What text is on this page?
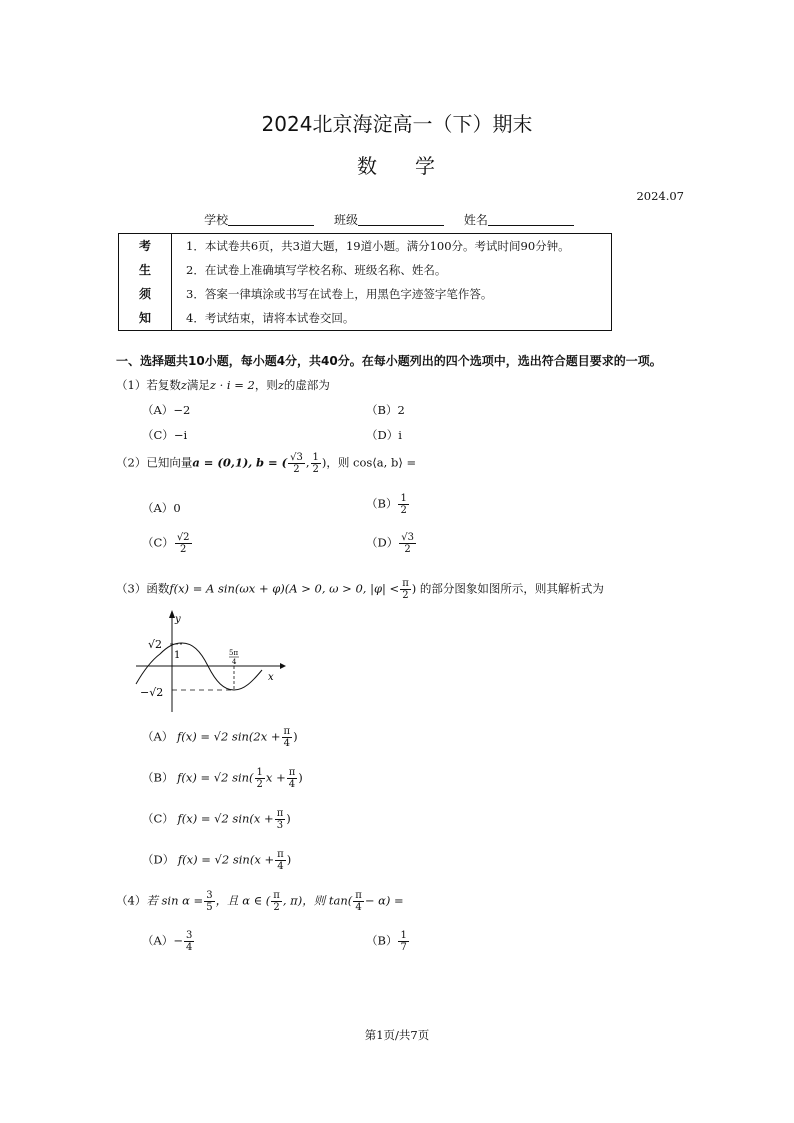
2024北京海淀高一（下）期末
数 学
2024.07
学校	班级	姓名
考
生
须
知

1．本试卷共6页，共3道大题，19道小题。满分100分。考试时间90分钟。
2．在试卷上准确填写学校名称、班级名称、姓名。
3．答案一律填涂或书写在试卷上，用黑色字迹签字笔作答。
4．考试结束，请将本试卷交回。
一、选择题共10小题，每小题4分，共40分。在每小题列出的四个选项中，选出符合题目要求的一项。
（1）若复数z满足z · i = 2，则z的虚部为
（A）−2	（B）2
（C）−i	（D）i
（2）已知向量a = (0,1), b = ( $\frac{√3}{2}$ , $\frac{1}{2}$ )，则 cos⟨a, b⟩ =
（A）0	$(B) \frac{1}{2}$
$(C) \frac{√2}{2}$	$(D) \frac{√3}{2}$
（3）函数f(x) = A sin(ωx + φ)(A > 0, ω > 0, $|\varphi| < \frac{\pi}{2}$ ) 的部分图象如图所示，则其解析式为
√2
−√2
1
y
x
5π
4
（A） f(x) = √2 $\sin(2x + \frac{\pi}{4}$ )
（B） f(x) = √2 $\sin( \frac{1}{2}$ $x + \frac{\pi}{4}$ )
（C） f(x) = √2 $\sin(x + \frac{\pi}{3}$ )
（D） f(x) = √2 $\sin(x + \frac{\pi}{4}$ )
（4）若 $\sin \alpha = \frac{3}{5}$ ，且 α ∈ ( $\frac{\pi}{2}$ , π)，则 $\tan( \frac{\pi}{4} - \alpha)$ =
$(A)- \frac{3}{4}$	$(B) \frac{1}{7}$
第1页/共7页
